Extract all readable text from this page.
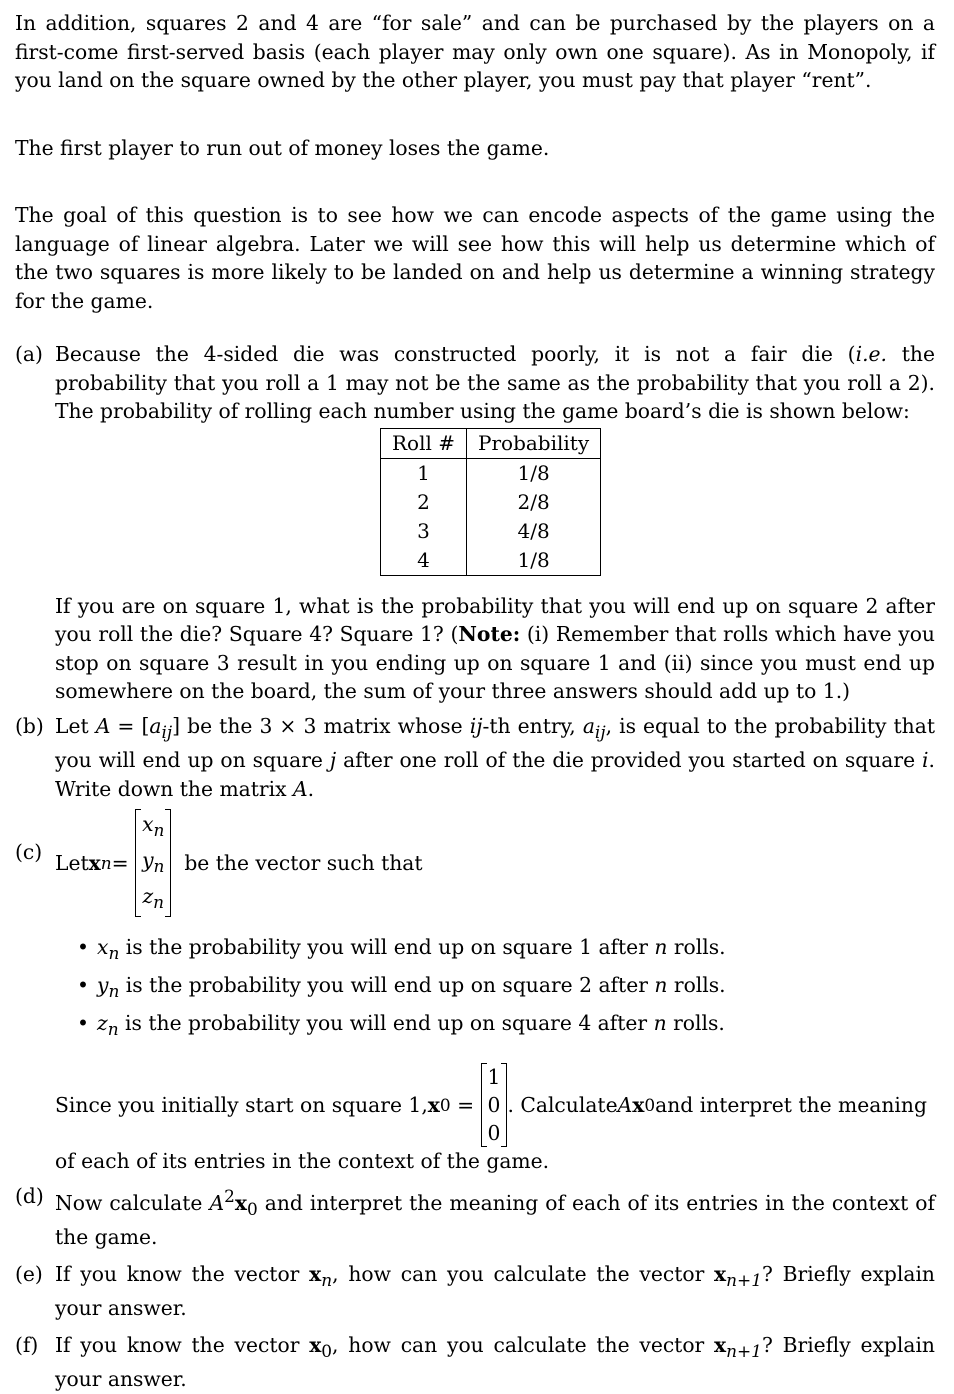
In addition, squares 2 and 4 are “for sale” and can be purchased by the players on a first-come first-served basis (each player may only own one square). As in Monopoly, if you land on the square owned by the other player, you must pay that player “rent”.

The first player to run out of money loses the game.

The goal of this question is to see how we can encode aspects of the game using the language of linear algebra. Later we will see how this will help us determine which of the two squares is more likely to be landed on and help us determine a winning strategy for the game.

(a) Because the 4-sided die was constructed poorly, it is not a fair die (i.e. the probability that you roll a 1 may not be the same as the probability that you roll a 2). The probability of rolling each number using the game board’s die is shown below:

Roll #	Probability
1	1/8
2	2/8
3	4/8
4	1/8

If you are on square 1, what is the probability that you will end up on square 2 after you roll the die? Square 4? Square 1? (Note: (i) Remember that rolls which have you stop on square 3 result in you ending up on square 1 and (ii) since you must end up somewhere on the board, the sum of your three answers should add up to 1.)

(b) Let $A = [a_{ij}]$ be the 3 × 3 matrix whose ij-th entry, $a_{ij}$, is equal to the probability that you will end up on square j after one roll of the die provided you started on square i. Write down the matrix A.

(c) Let x n =

$x_n$
$y_n$
$z_n$

be the vector such that
• $x_n$ is the probability you will end up on square 1 after n rolls.
• $y_n$ is the probability you will end up on square 2 after n rolls.
• $z_n$ is the probability you will end up on square 4 after n rolls.
Since you initially start on square 1, x 0 =
1
0
0
. Calculate A x 0 and interpret the meaning

of each of its entries in the context of the game.

(d) Now calculate $A^2x_0$ and interpret the meaning of each of its entries in the context of the game.

(e) If you know the vector $x_n$, how can you calculate the vector $x_{n+1}$? Briefly explain your answer.

(f) If you know the vector $x_0$, how can you calculate the vector $x_{n+1}$? Briefly explain your answer.
